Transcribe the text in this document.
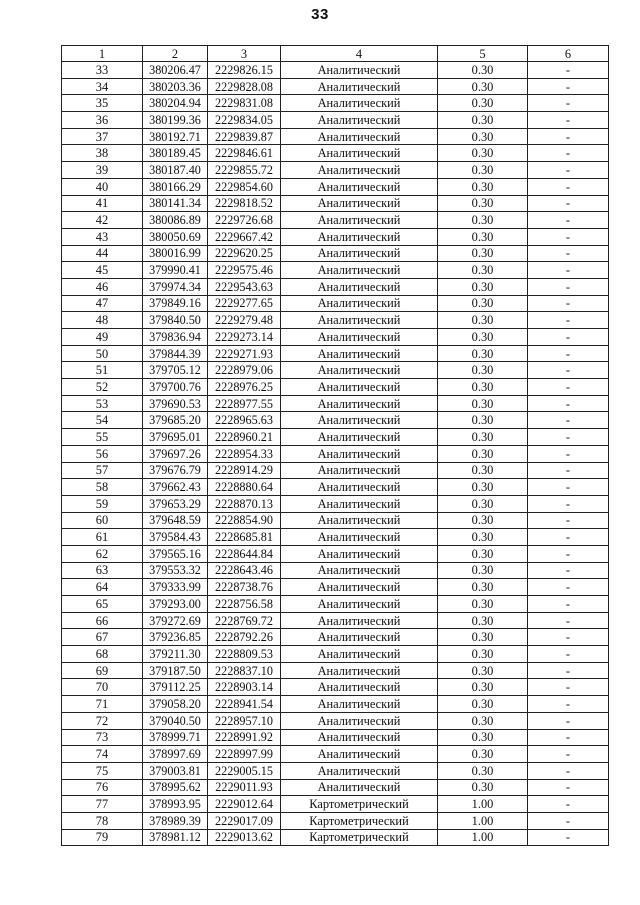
33
1	2	3	4	5	6
33	380206.47	2229826.15	Аналитический	0.30	-
34	380203.36	2229828.08	Аналитический	0.30	-
35	380204.94	2229831.08	Аналитический	0.30	-
36	380199.36	2229834.05	Аналитический	0.30	-
37	380192.71	2229839.87	Аналитический	0.30	-
38	380189.45	2229846.61	Аналитический	0.30	-
39	380187.40	2229855.72	Аналитический	0.30	-
40	380166.29	2229854.60	Аналитический	0.30	-
41	380141.34	2229818.52	Аналитический	0.30	-
42	380086.89	2229726.68	Аналитический	0.30	-
43	380050.69	2229667.42	Аналитический	0.30	-
44	380016.99	2229620.25	Аналитический	0.30	-
45	379990.41	2229575.46	Аналитический	0.30	-
46	379974.34	2229543.63	Аналитический	0.30	-
47	379849.16	2229277.65	Аналитический	0.30	-
48	379840.50	2229279.48	Аналитический	0.30	-
49	379836.94	2229273.14	Аналитический	0.30	-
50	379844.39	2229271.93	Аналитический	0.30	-
51	379705.12	2228979.06	Аналитический	0.30	-
52	379700.76	2228976.25	Аналитический	0.30	-
53	379690.53	2228977.55	Аналитический	0.30	-
54	379685.20	2228965.63	Аналитический	0.30	-
55	379695.01	2228960.21	Аналитический	0.30	-
56	379697.26	2228954.33	Аналитический	0.30	-
57	379676.79	2228914.29	Аналитический	0.30	-
58	379662.43	2228880.64	Аналитический	0.30	-
59	379653.29	2228870.13	Аналитический	0.30	-
60	379648.59	2228854.90	Аналитический	0.30	-
61	379584.43	2228685.81	Аналитический	0.30	-
62	379565.16	2228644.84	Аналитический	0.30	-
63	379553.32	2228643.46	Аналитический	0.30	-
64	379333.99	2228738.76	Аналитический	0.30	-
65	379293.00	2228756.58	Аналитический	0.30	-
66	379272.69	2228769.72	Аналитический	0.30	-
67	379236.85	2228792.26	Аналитический	0.30	-
68	379211.30	2228809.53	Аналитический	0.30	-
69	379187.50	2228837.10	Аналитический	0.30	-
70	379112.25	2228903.14	Аналитический	0.30	-
71	379058.20	2228941.54	Аналитический	0.30	-
72	379040.50	2228957.10	Аналитический	0.30	-
73	378999.71	2228991.92	Аналитический	0.30	-
74	378997.69	2228997.99	Аналитический	0.30	-
75	379003.81	2229005.15	Аналитический	0.30	-
76	378995.62	2229011.93	Аналитический	0.30	-
77	378993.95	2229012.64	Картометрический	1.00	-
78	378989.39	2229017.09	Картометрический	1.00	-
79	378981.12	2229013.62	Картометрический	1.00	-
